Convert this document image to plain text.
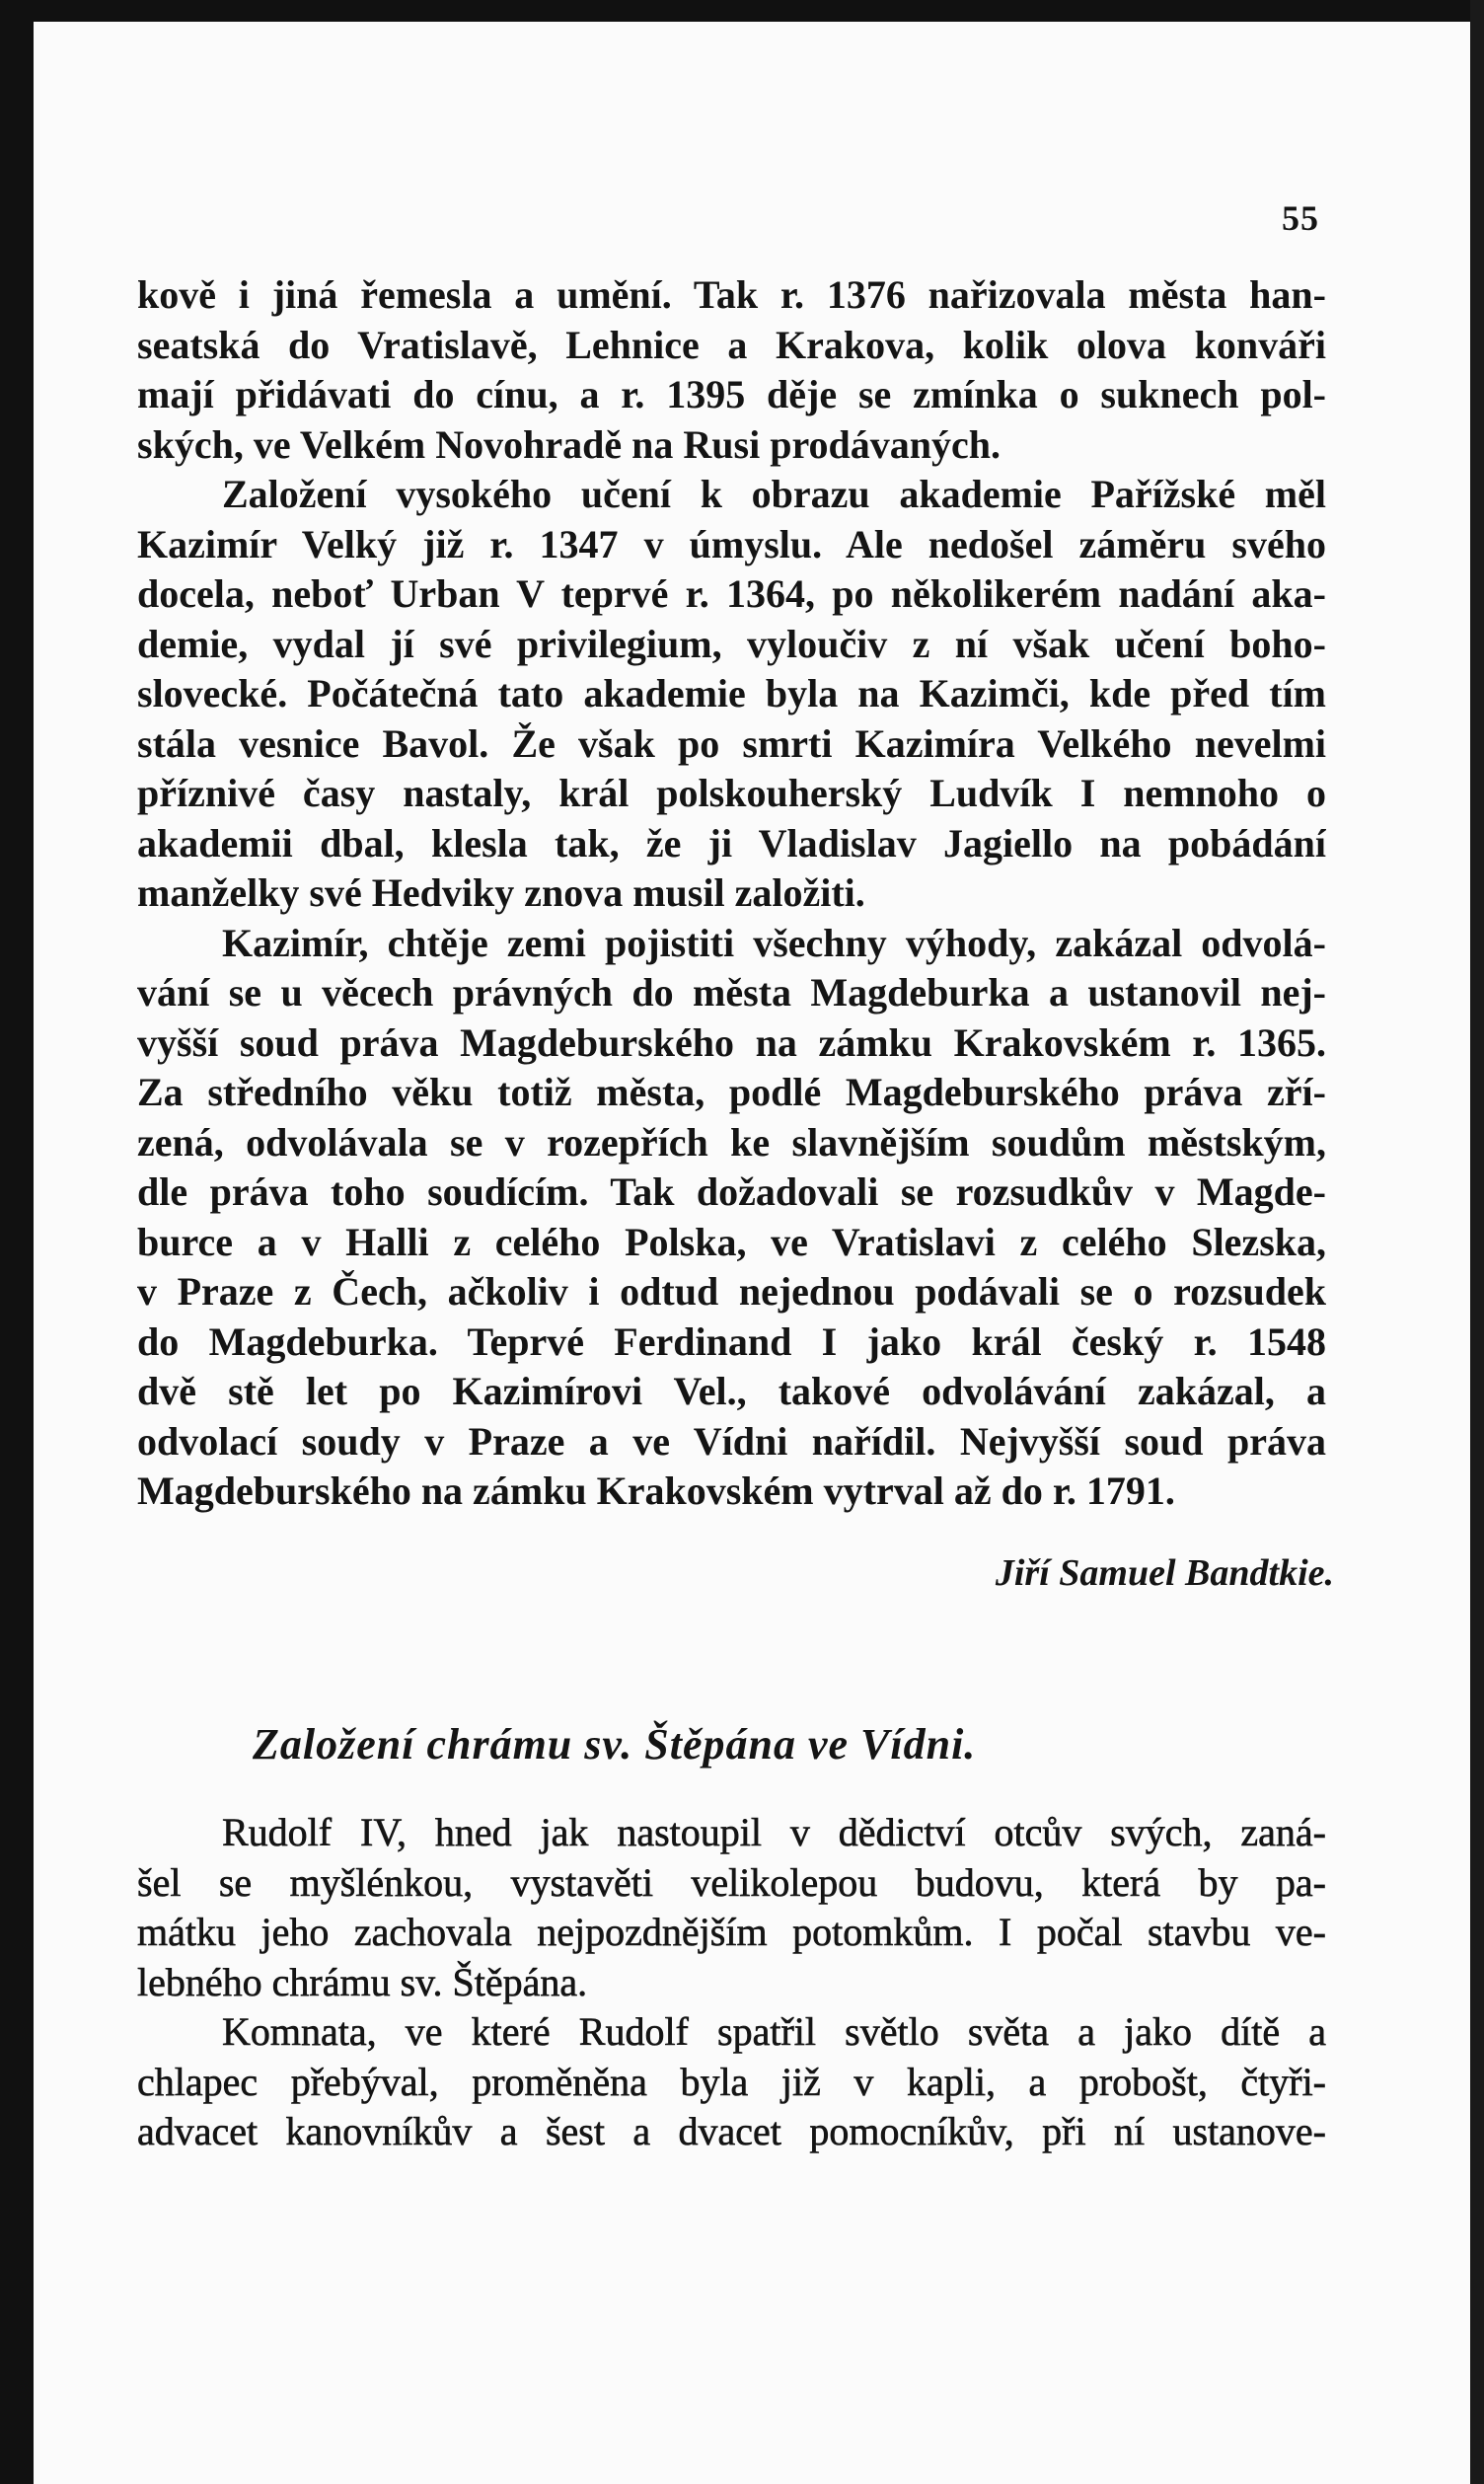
55
kově i jiná řemesla a umění. Tak r. 1376 nařizovala města han-
seatská do Vratislavě, Lehnice a Krakova, kolik olova konváři
mají přidávati do cínu, a r. 1395 děje se zmínka o suknech pol-
ských, ve Velkém Novohradě na Rusi prodávaných.
Založení vysokého učení k obrazu akademie Pařížské měl
Kazimír Velký již r. 1347 v úmyslu. Ale nedošel záměru svého
docela, neboť Urban V teprvé r. 1364, po několikerém nadání aka-
demie, vydal jí své privilegium, vyloučiv z ní však učení boho-
slovecké. Počátečná tato akademie byla na Kazimči, kde před tím
stála vesnice Bavol. Že však po smrti Kazimíra Velkého nevelmi
příznivé časy nastaly, král polskouherský Ludvík I nemnoho o
akademii dbal, klesla tak, že ji Vladislav Jagiello na pobádání
manželky své Hedviky znova musil založiti.
Kazimír, chtěje zemi pojistiti všechny výhody, zakázal odvolá-
vání se u věcech právných do města Magdeburka a ustanovil nej-
vyšší soud práva Magdeburského na zámku Krakovském r. 1365.
Za středního věku totiž města, podlé Magdeburského práva zří-
zená, odvolávala se v rozepřích ke slavnějším soudům městským,
dle práva toho soudícím. Tak dožadovali se rozsudkův v Magde-
burce a v Halli z celého Polska, ve Vratislavi z celého Slezska,
v Praze z Čech, ačkoliv i odtud nejednou podávali se o rozsudek
do Magdeburka. Teprvé Ferdinand I jako král český r. 1548
dvě stě let po Kazimírovi Vel., takové odvolávání zakázal, a
odvolací soudy v Praze a ve Vídni nařídil. Nejvyšší soud práva
Magdeburského na zámku Krakovském vytrval až do r. 1791.
Jiří Samuel Bandtkie.
Založení chrámu sv. Štěpána ve Vídni.
Rudolf IV, hned jak nastoupil v dědictví otcův svých, zaná-
šel se myšlénkou, vystavěti velikolepou budovu, která by pa-
mátku jeho zachovala nejpozdnějším potomkům. I počal stavbu ve-
lebného chrámu sv. Štěpána.
Komnata, ve které Rudolf spatřil světlo světa a jako dítě a
chlapec přebýval, proměněna byla již v kapli, a probošt, čtyři-
advacet kanovníkův a šest a dvacet pomocníkův, při ní ustanove-
